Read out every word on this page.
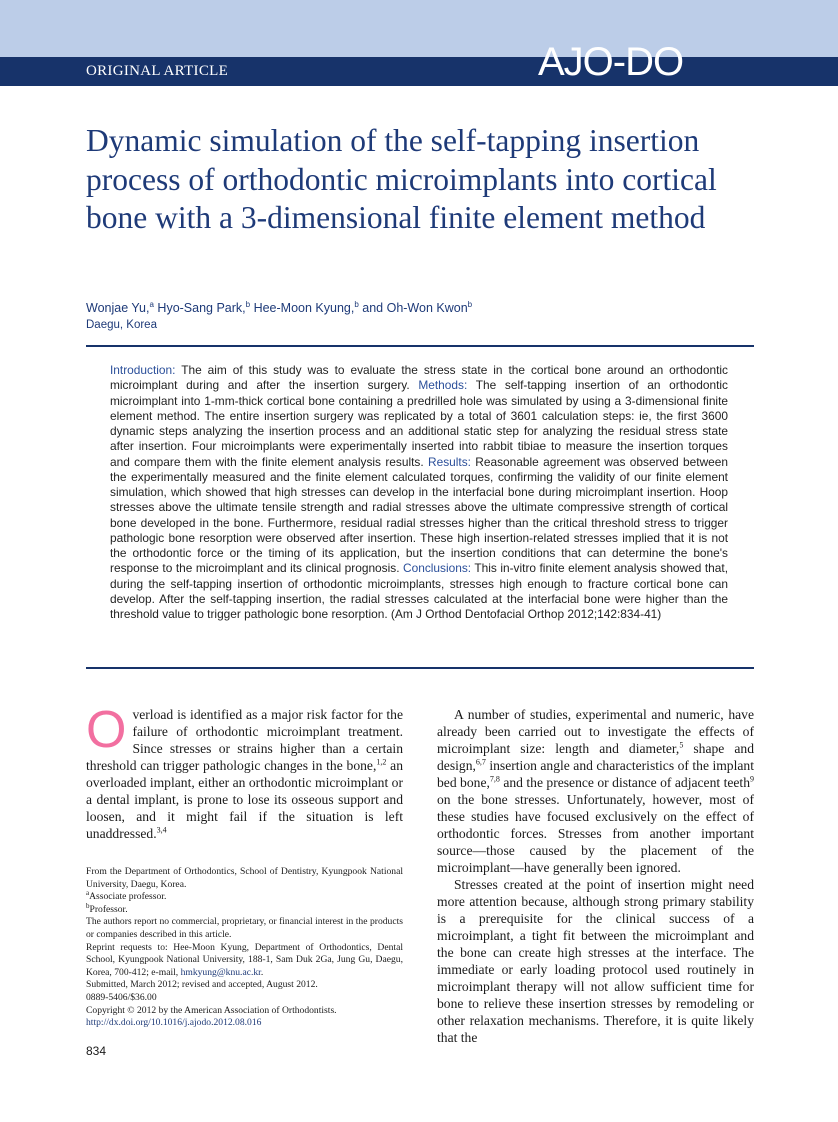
ORIGINAL ARTICLE	AJO-DO
Dynamic simulation of the self-tapping insertion process of orthodontic microimplants into cortical bone with a 3-dimensional finite element method
Wonjae Yu,$^a$ Hyo-Sang Park,$^b$ Hee-Moon Kyung,$^b$ and Oh-Won Kwon$^b$
Daegu, Korea

Introduction: The aim of this study was to evaluate the stress state in the cortical bone around an orthodontic microimplant during and after the insertion surgery. Methods: The self-tapping insertion of an orthodontic microimplant into 1-mm-thick cortical bone containing a predrilled hole was simulated by using a 3-dimensional finite element method. The entire insertion surgery was replicated by a total of 3601 calculation steps: ie, the first 3600 dynamic steps analyzing the insertion process and an additional static step for analyzing the residual stress state after insertion. Four microimplants were experimentally inserted into rabbit tibiae to measure the insertion torques and compare them with the finite element analysis results. Results: Reasonable agreement was observed between the experimentally measured and the finite element calculated torques, confirming the validity of our finite element simulation, which showed that high stresses can develop in the interfacial bone during microimplant insertion. Hoop stresses above the ultimate tensile strength and radial stresses above the ultimate compressive strength of cortical bone developed in the bone. Furthermore, residual radial stresses higher than the critical threshold stress to trigger pathologic bone resorption were observed after insertion. These high insertion-related stresses implied that it is not the orthodontic force or the timing of its application, but the insertion conditions that can determine the bone's response to the microimplant and its clinical prognosis. Conclusions: This in-vitro finite element analysis showed that, during the self-tapping insertion of orthodontic microimplants, stresses high enough to fracture cortical bone can develop. After the self-tapping insertion, the radial stresses calculated at the interfacial bone were higher than the threshold value to trigger pathologic bone resorption. (Am J Orthod Dentofacial Orthop 2012;142:834-41)

Overload is identified as a major risk factor for the failure of orthodontic microimplant treatment. Since stresses or strains higher than a certain threshold can trigger pathologic changes in the bone,$^{1,2}$ an overloaded implant, either an orthodontic microimplant or a dental implant, is prone to lose its osseous support and loosen, and it might fail if the situation is left unaddressed.$^{3,4}$

From the Department of Orthodontics, School of Dentistry, Kyungpook National University, Daegu, Korea.
$^a$Associate professor.
$^b$Professor.
The authors report no commercial, proprietary, or financial interest in the products or companies described in this article.
Reprint requests to: Hee-Moon Kyung, Department of Orthodontics, Dental School, Kyungpook National University, 188-1, Sam Duk 2Ga, Jung Gu, Daegu, Korea, 700-412; e-mail, hmkyung@knu.ac.kr.
Submitted, March 2012; revised and accepted, August 2012.
0889-5406/$36.00
Copyright © 2012 by the American Association of Orthodontists.
http://dx.doi.org/10.1016/j.ajodo.2012.08.016
834

A number of studies, experimental and numeric, have already been carried out to investigate the effects of microimplant size: length and diameter,$^5$ shape and design,$^{6,7}$ insertion angle and characteristics of the implant bed bone,$^{7,8}$ and the presence or distance of adjacent teeth$^9$ on the bone stresses. Unfortunately, however, most of these studies have focused exclusively on the effect of orthodontic forces. Stresses from another important source—those caused by the placement of the microimplant—have generally been ignored.

Stresses created at the point of insertion might need more attention because, although strong primary stability is a prerequisite for the clinical success of a microimplant, a tight fit between the microimplant and the bone can create high stresses at the interface. The immediate or early loading protocol used routinely in microimplant therapy will not allow sufficient time for bone to relieve these insertion stresses by remodeling or other relaxation mechanisms. Therefore, it is quite likely that the
